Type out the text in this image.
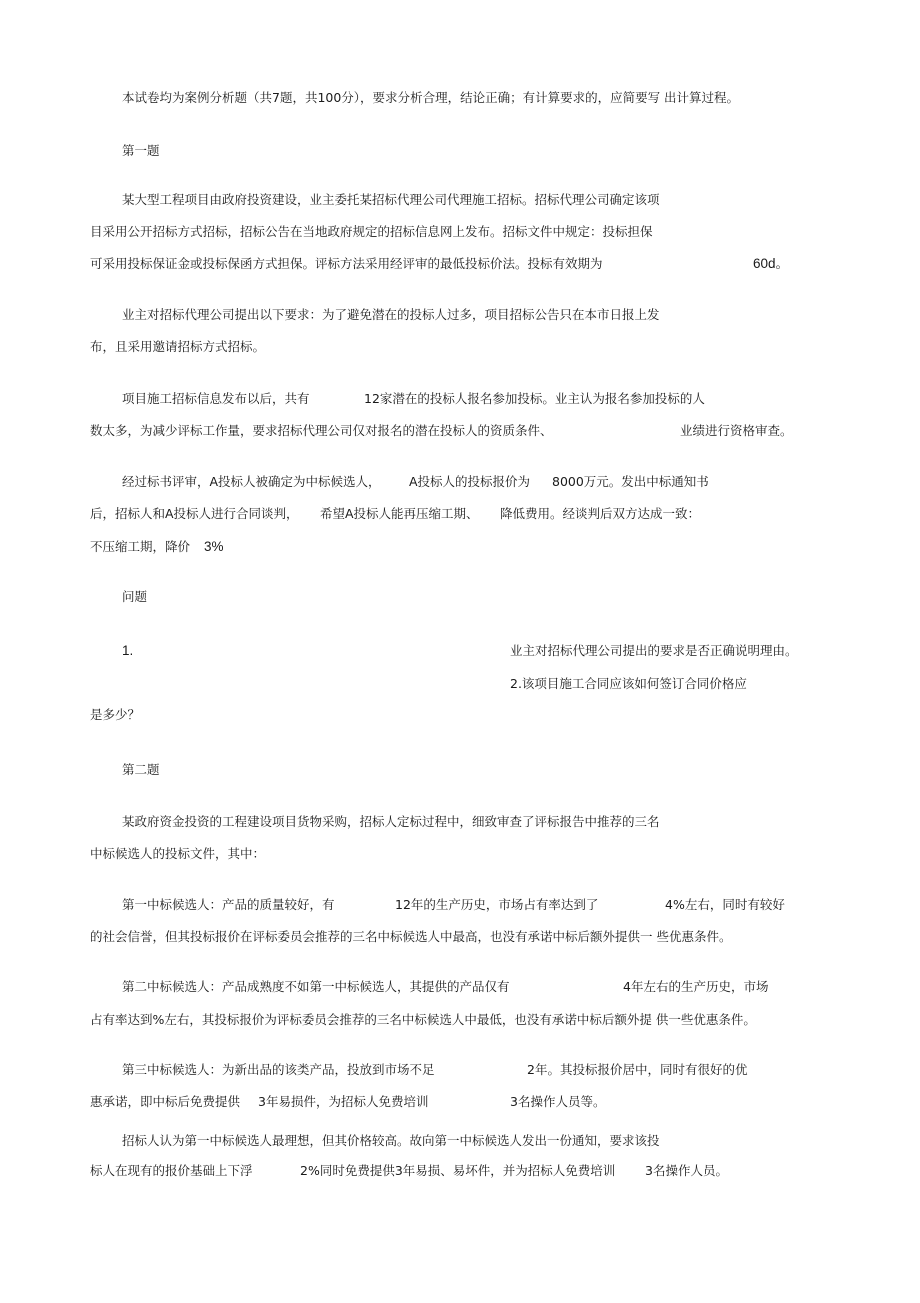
本试卷均为案例分析题（共7题，共100分），要求分析合理，结论正确；有计算要求的，应简要写 出计算过程。
第一题
某大型工程项目由政府投资建设，业主委托某招标代理公司代理施工招标。招标代理公司确定该项
目采用公开招标方式招标，招标公告在当地政府规定的招标信息网上发布。招标文件中规定：投标担保
可采用投标保证金或投标保函方式担保。评标方法采用经评审的最低投标价法。投标有效期为	60d。
业主对招标代理公司提出以下要求：为了避免潜在的投标人过多，项目招标公告只在本市日报上发
布，且采用邀请招标方式招标。
项目施工招标信息发布以后，共有	12家潜在的投标人报名参加投标。业主认为报名参加投标的人
数太多，为减少评标工作量，要求招标代理公司仅对报名的潜在投标人的资质条件、	业绩进行资格审查。
经过标书评审，A投标人被确定为中标候选人， A投标人的投标报价为 8000万元。发出中标通知书
后，招标人和A投标人进行合同谈判， 希望A投标人能再压缩工期、 降低费用。经谈判后双方达成一致：
不压缩工期，降价 3%
问题
1.	业主对招标代理公司提出的要求是否正确说明理由。
2.该项目施工合同应该如何签订合同价格应
是多少？
第二题
某政府资金投资的工程建设项目货物采购，招标人定标过程中，细致审查了评标报告中推荐的三名
中标候选人的投标文件，其中：
第一中标候选人：产品的质量较好，有	12年的生产历史，市场占有率达到了	4%左右，同时有较好
的社会信誉，但其投标报价在评标委员会推荐的三名中标候选人中最高，也没有承诺中标后额外提供一 些优惠条件。
第二中标候选人：产品成熟度不如第一中标候选人，其提供的产品仅有	4年左右的生产历史，市场
占有率达到%左右，其投标报价为评标委员会推荐的三名中标候选人中最低，也没有承诺中标后额外提 供一些优惠条件。
第三中标候选人：为新出品的该类产品，投放到市场不足	2年。其投标报价居中，同时有很好的优
惠承诺，即中标后免费提供 3年易损件，为招标人免费培训	3名操作人员等。
招标人认为第一中标候选人最理想，但其价格较高。故向第一中标候选人发出一份通知，要求该投
标人在现有的报价基础上下浮	2%同时免费提供3年易损、易坏件，并为招标人免费培训 3名操作人员。
